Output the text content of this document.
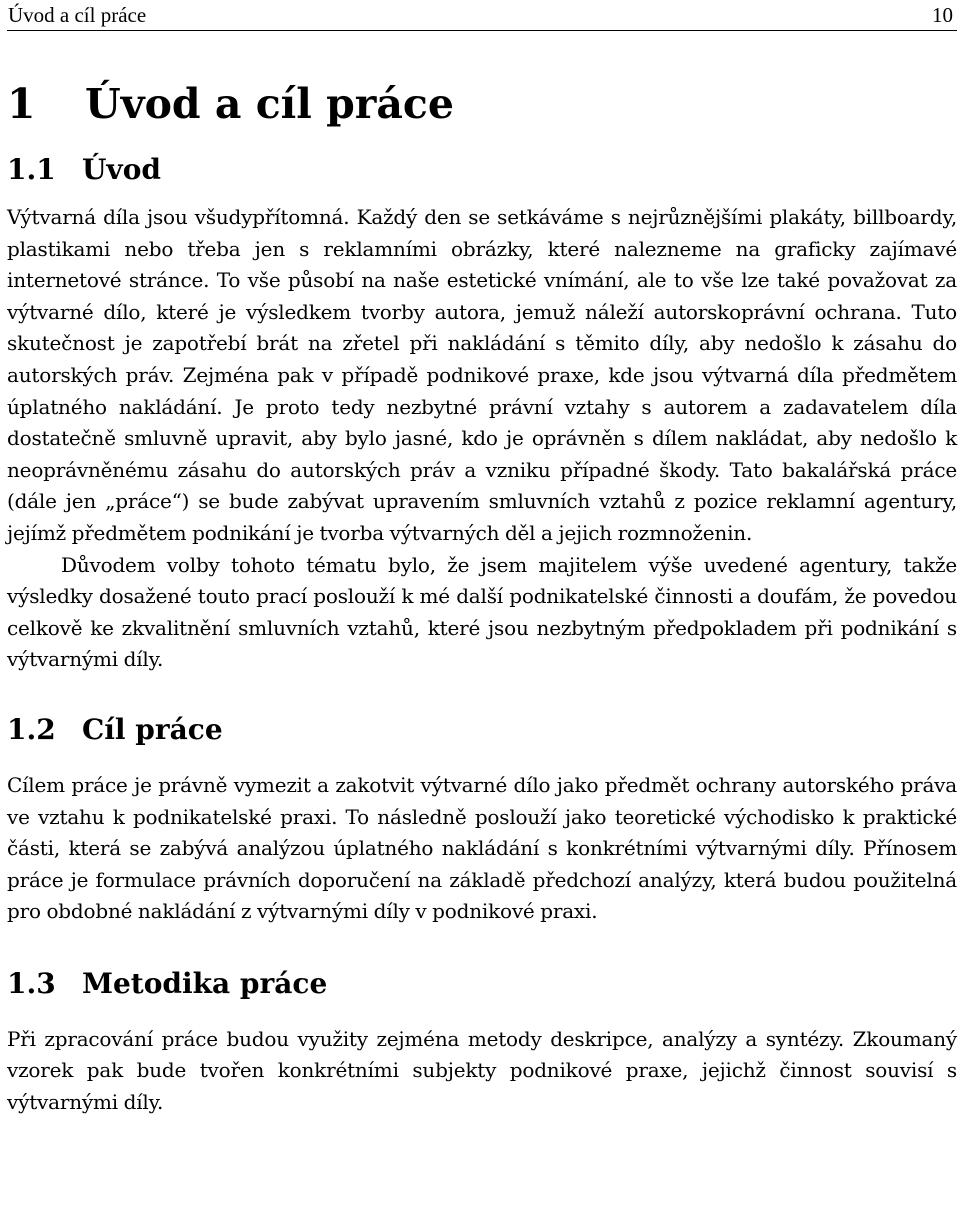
Úvod a cíl práce	10
1 Úvod a cíl práce
1.1 Úvod

Výtvarná díla jsou všudypřítomná. Každý den se setkáváme s nejrůznějšími plakáty, billboardy, plastikami nebo třeba jen s reklamními obrázky, které nalezneme na graficky zajímavé internetové stránce. To vše působí na naše estetické vnímání, ale to vše lze také považovat za výtvarné dílo, které je výsledkem tvorby autora, jemuž náleží autorskoprávní ochrana. Tuto skutečnost je zapotřebí brát na zřetel při nakládání s těmito díly, aby nedošlo k zásahu do autorských práv. Zejména pak v případě podnikové praxe, kde jsou výtvarná díla předmětem úplatného nakládání. Je proto tedy nezbytné právní vztahy s autorem a zadavatelem díla dostatečně smluvně upravit, aby bylo jasné, kdo je oprávněn s dílem nakládat, aby nedošlo k neoprávněnému zásahu do autorských práv a vzniku případné škody. Tato bakalářská práce (dále jen „práce“) se bude zabývat upravením smluvních vztahů z pozice reklamní agentury, jejímž předmětem podnikání je tvorba výtvarných děl a jejich rozmnoženin.

Důvodem volby tohoto tématu bylo, že jsem majitelem výše uvedené agentury, takže výsledky dosažené touto prací poslouží k mé další podnikatelské činnosti a doufám, že povedou celkově ke zkvalitnění smluvních vztahů, které jsou nezbytným předpokladem při podnikání s výtvarnými díly.

1.2 Cíl práce

Cílem práce je právně vymezit a zakotvit výtvarné dílo jako předmět ochrany autorského práva ve vztahu k podnikatelské praxi. To následně poslouží jako teoretické východisko k praktické části, která se zabývá analýzou úplatného nakládání s konkrétními výtvarnými díly. Přínosem práce je formulace právních doporučení na základě předchozí analýzy, která budou použitelná pro obdobné nakládání z výtvarnými díly v podnikové praxi.

1.3 Metodika práce

Při zpracování práce budou využity zejména metody deskripce, analýzy a syntézy. Zkoumaný vzorek pak bude tvořen konkrétními subjekty podnikové praxe, jejichž činnost souvisí s výtvarnými díly.
